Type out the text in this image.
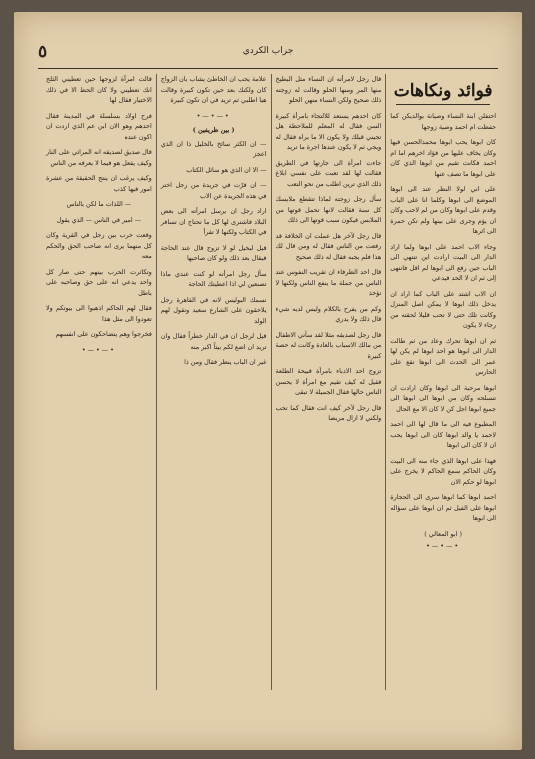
٥	جراب الكردي
فوائد ونكاهات

احتفلن ابنة النساء وصيانة بوالديكن كما حفظت ام احمد وصية زوجها

كان ابوها يحب ابوها محمدالحسن فيها وكان يخاف عليها من فؤاد اخرهم اما ام احمد فكانت تقيم من ابوها الذي كان على ابوها ما تصف عنها

على اني لولا النظر عند الى ابوها الموضع الى ابوها وكلما انا على الباب وقدم على ابوها وكان من لم لاحب وكان ان يؤم وجرى على بينها ولم تكن حمرة الى اثرها

وجاء الاب احمد على ابوها ولما اراد الدار الى البيت ارادت اين تنتهي الى الباب حين رفع الى ابوها لم اقل فانتهى إلى ثم ان لا الحد فيدعي

ان الاب اشتد على الباب كما اراد ان يدخل ذلك ابوها لا يمكن اصل المنزل وكانت تلك حتى لا تحب قليلا لحقته من رجاء لا يكون

ثم ان ابوها تحرك وعاد من ثم طالت الدار الى ابوها هو احد ابوها لم يكن لها عمر الى الحدث الى ابوها تقع على الحارس

ابوها مرحبة الى ابوها وكان ارادت ان تنسلحه وكان من ابوها الى ابوها الى جميع ابوها اجل كن لا كان الا مع الحال

المطبوع فيه الى ما قال لها الى احمد لاحمد يا والد ابوها كان الى ابوها يحب ان لا كان الى ابوها

فهذا على ابوها الذي جاء منه الى البيت وكان الحاكم سمع الحاكم لا يخرج على ابوها لو حكم الان

احمد ابوها كما ابوها سرى الى الحجارة ابوها على الفيل ثم ان ابوها على سؤاله الى ابوها

( ابو المعالي )
•—•—•

قال رجل لامرأته ان النساء مثل البطيخ منها المر ومنها الحلو وقالت له زوجته ذلك صحيح ولكن النساء منهن الحلو

كان احدهم يستعد للالتجاء بامرأة كبيرة السن فقال له المعلم للملاحظة هل تجيني قبلك ولا يكون الا ما يراه فقال له ويجي ثم لا يكون عندها اجرة ما تريد

جاءت امرأة الى جارتها في الطريق فقالت لها لقد تعبت على نفسي ابلاغ ذلك الذي ترين اطلب من نحو التعب

سأل رجل زوجته لماذا تتقطع ملابسك كل سنة فقالت لانها تحمل قوتها من الملابس فيكون سبب قوتها الى ذلك

قال رجل لآخر هل عملت ان الخلافة قد رفعت من الناس فقال له ومن قال لك هذا فلم يجبه فقال له ذلك صحيح

قال احد الظرفاء ان تقريب النفوس عند الناس من جملة ما ينفع الناس ولكنها لا تؤخذ

وكم من يفرح بالكلام وليس لديه شيء قال ذلك ولا يدري

قال رجل لصديقه مثلا لقد سأتي الاطفال من مالك الاسباب بالعادة وكانت له حصة كبيرة

تزوج احد الادباء بامرأة قبيحة الطلعة فقيل له كيف تقيم مع امرأة لا يحسن الناس حالها فقال الجميلة لا تبقى

قال رجل لآخر كيف انت فقال كما تحب ولكني لا ازال مريضا

علامة يحب ان الخاطئ يشاب بان الزواج كان ولكنك بعد حين تكون كبيرة وقالت هيا اطلبي ثم تريد في ان تكون كبيرة

•—•—•
( بين ظريفين )

— ان الكثر سائخ بالخليل ذا ان الذي اعجز

— الا ان الذي هو سائل الكتاب

— ان فرّت في جريدة من رجل اختر في هذه الجريدة عن الاب

اراد رجل ان يرسل امرأته الى بعض البلاد فاشترى لها كل ما تحتاج ان تسافر في الكتاب ولكنها لا تقرأ

قيل لبخيل لو لا تزوج قال عند الحاجة فيقال بعد ذلك ولو كان صاحبها

سأل رجل امرأته لو كنت عندي ماذا تصنعين لي اذا اعطيتك الحاجة

نسمك البوليس لانه في القاهرة رجل يلاحقون على الشارع سعيد ونقول لهم الولد

قيل لرجل ان في الدار خطراً فقال وان تريد ان اضع لكم بيتاً اكبر منه

غير ان الباب ينظر فقال ومن ذا

قالت امرأة لزوجها حين تعطيني الثلج انك تعطيني ولا كان الحظ الا في ذلك الاختيار فقال لها

فرح اولاد بسلسلة في المدينة فقال احدهم وهو الان ابن عم الذي اردت ان اكون عنده

قال صديق لصديقه انه المراتي على النار وكيف يفعل هو فيما لا يعرفه من الناس

وكيف يرغب ان ينتج الحقيقة من عشرة امور فيها كذب

— اللذات ما لكن بالناس

— امير في الناس — الذي يقول

وقعت حرب بين رجل في القرية وكان كل منهما يرى انه صاحب الحق والحكم معه

وتكاثرت الحرب بينهم حتى صار كل واحد يدعي انه على حق وصاحبه على باطل

فقال لهم الحاكم اذهبوا الى بيوتكم ولا تعودوا الى مثل هذا

فخرجوا وهم يتضاحكون على انفسهم

•—•—•
